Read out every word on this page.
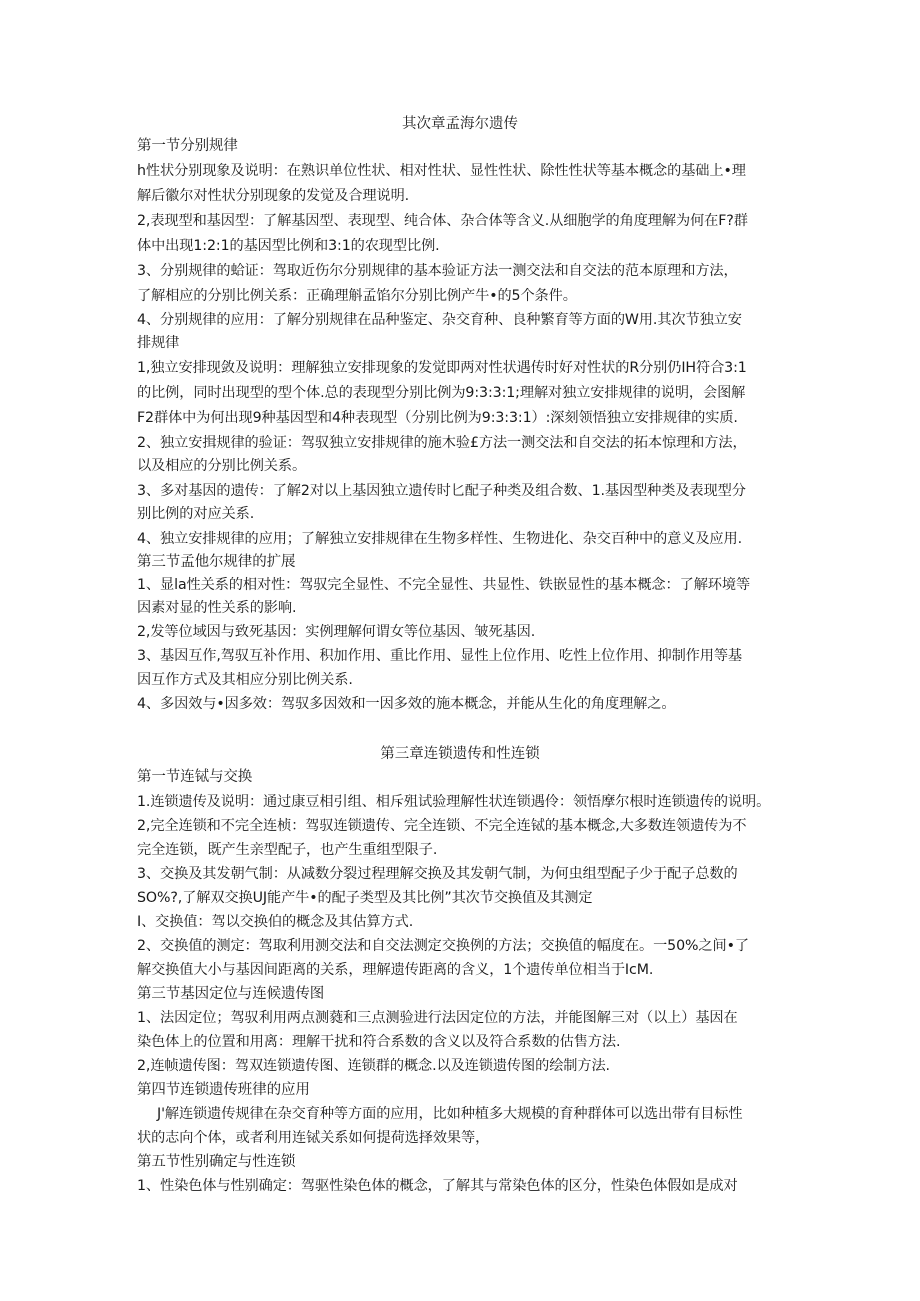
其次章孟海尔遗传
第一节分别规律
h性状分别现象及说明：在熟识单位性状、相对性状、显性性状、除性性状等基本概念的基础上•理
解后徽尔对性状分别现象的发觉及合理说明.
2,表现型和基因型：了解基因型、表现型、纯合体、杂合体等含义.从细胞学的角度理解为何在F?群
体中出现1:2:1的基因型比例和3:1的农现型比例.
3、分别规律的蛤证：驾取近伤尔分别规律的基本验证方法一测交法和自交法的范本原理和方法，
了解相应的分别比例关系：正确理斛孟馅尔分别比例产牛•的5个条件。
4、分别规律的应用：了解分别规律在品种鉴定、杂交育种、良种繁育等方面的W用.其次节独立安
排规律
1,独立安排现敛及说明：理解独立安排现象的发觉即两对性状遇传时好对性状的R分别仍IH符合3:1
的比例，同时出现型的型个体.总的表现型分别比例为9:3:3:1;理解对独立安排规律的说明，会图解
F2群体中为何出现9种基因型和4种表现型（分别比例为9:3:3:1）:深刻领悟独立安排规律的实质.
2、独立安揖规律的验证：驾驭独立安排规律的施木验£方法一测交法和自交法的拓本惊理和方法，
以及相应的分别比例关系。
3、多对基因的遗传：了解2对以上基因独立遗传时匕配子种类及组合数、1.基因型种类及表现型分
别比例的对应关系.
4、独立安排规律的应用；了解独立安排规律在生物多样性、生物进化、杂交百种中的意义及应用.
第三节孟他尔规律的扩展
1、显la性关系的相对性：驾驭完全显性、不完全显性、共显性、铁嵌显性的基本概念：了解环境等
因素对显的性关系的影响.
2,发等位域因与致死基因：实例理解何谓女等位基因、皱死基因.
3、基因互作,驾驭互补作用、积加作用、重比作用、显性上位作用、吃性上位作用、抑制作用等基
因互作方式及其相应分别比例关系.
4、多因效与•因多效：驾驭多因效和一因多效的施本概念，并能从生化的角度理解之。
第三章连锁遗传和性连锁
第一节连铽与交换
1.连锁遗传及说明：通过康豆相引组、相斥殂试验理解性状连锁遇伶：领悟摩尔根时连锁遗传的说明。
2,完全连锁和不完全连桢：驾驭连锁遗传、完全连锁、不完全连铽的基本概念,大多数连领遗传为不
完全连锁，既产生亲型配子，也产生重组型限子.
3、交换及其发朝气制：从减数分裂过程理解交换及其发朝气制，为何虫组型配子少于配子总数的
SO%?,了解双交换UJ能产牛•的配子类型及其比例”其次节交换值及其测定
I、交换值：驾以交换伯的概念及其估算方式.
2、交换值的测定：驾取利用测交法和自交法测定交换例的方法；交换值的幅度在。一50%之间•了
解交换值大小与基因间距离的关系，理解遗传距离的含义，1个遗传单位相当于IcM.
第三节基因定位与连候遗传图
1、法因定位；驾驭利用两点测蕤和三点测验进行法因定位的方法，并能图解三对（以上）基因在
染色体上的位置和用离：理解干扰和符合系数的含义以及符合系数的估售方法.
2,连帧遗传图：驾双连锁遗传图、连锁群的概念.以及连锁遗传图的绘制方法.
第四节连锁遗传班律的应用
J'解连锁遗传规律在杂交育种等方面的应用，比如种植多大规模的育种群体可以选出带有目标性
状的志向个体，或者利用连铽关系如何提荷选择效果等，
第五节性别确定与性连锁
1、性染色体与性别确定：驾驱性染色体的概念，了解其与常染色体的区分，性染色体假如是成对
